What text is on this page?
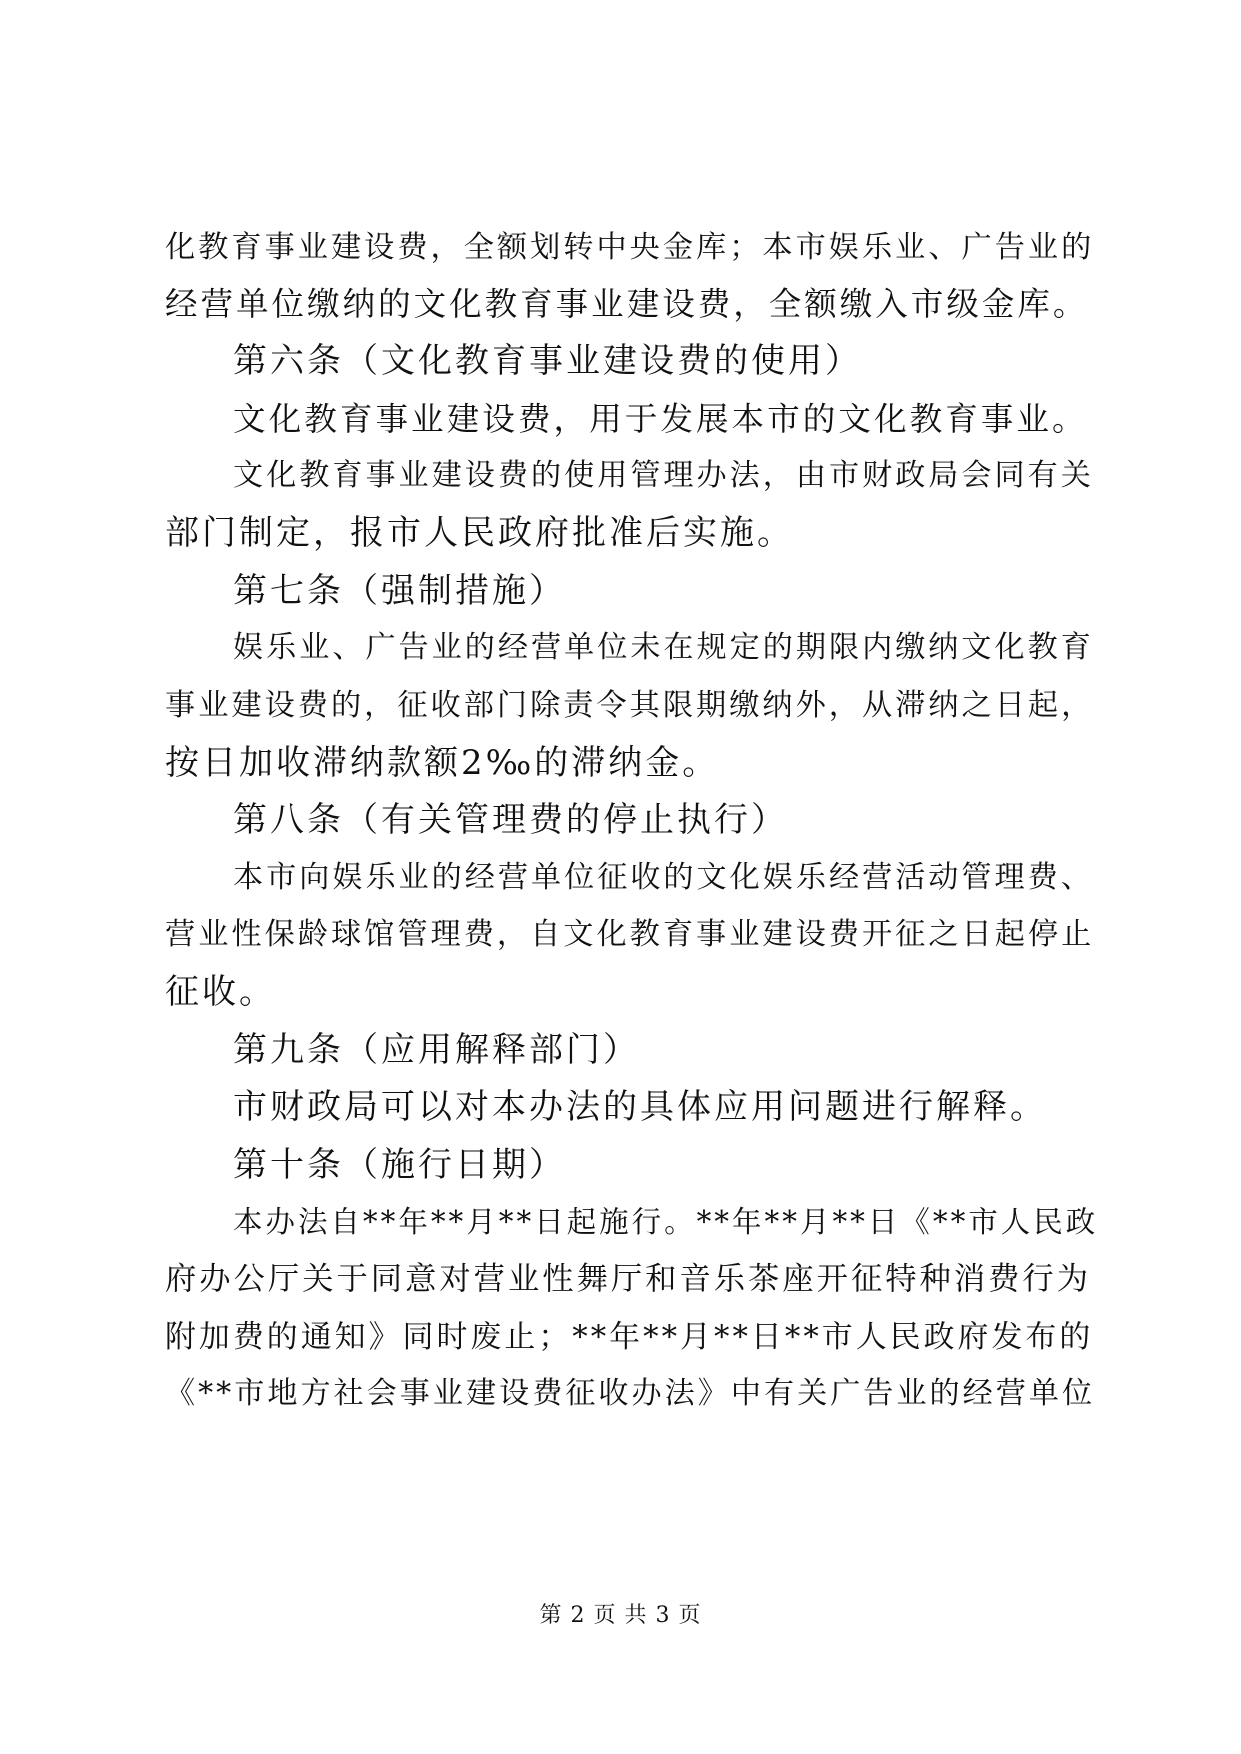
化教育事业建设费，全额划转中央金库；本市娱乐业、广告业的
经营单位缴纳的文化教育事业建设费，全额缴入市级金库。
第六条（文化教育事业建设费的使用）
文化教育事业建设费，用于发展本市的文化教育事业。
文化教育事业建设费的使用管理办法，由市财政局会同有关
部门制定，报市人民政府批准后实施。
第七条（强制措施）
娱乐业、广告业的经营单位未在规定的期限内缴纳文化教育
事业建设费的，征收部门除责令其限期缴纳外，从滞纳之日起，
按日加收滞纳款额2‰的滞纳金。
第八条（有关管理费的停止执行）
本市向娱乐业的经营单位征收的文化娱乐经营活动管理费、
营业性保龄球馆管理费，自文化教育事业建设费开征之日起停止
征收。
第九条（应用解释部门）
市财政局可以对本办法的具体应用问题进行解释。
第十条（施行日期）
本办法自**年**月**日起施行。**年**月**日《**市人民政
府办公厅关于同意对营业性舞厅和音乐茶座开征特种消费行为
附加费的通知》同时废止；**年**月**日**市人民政府发布的
《**市地方社会事业建设费征收办法》中有关广告业的经营单位
第 2 页 共 3 页
